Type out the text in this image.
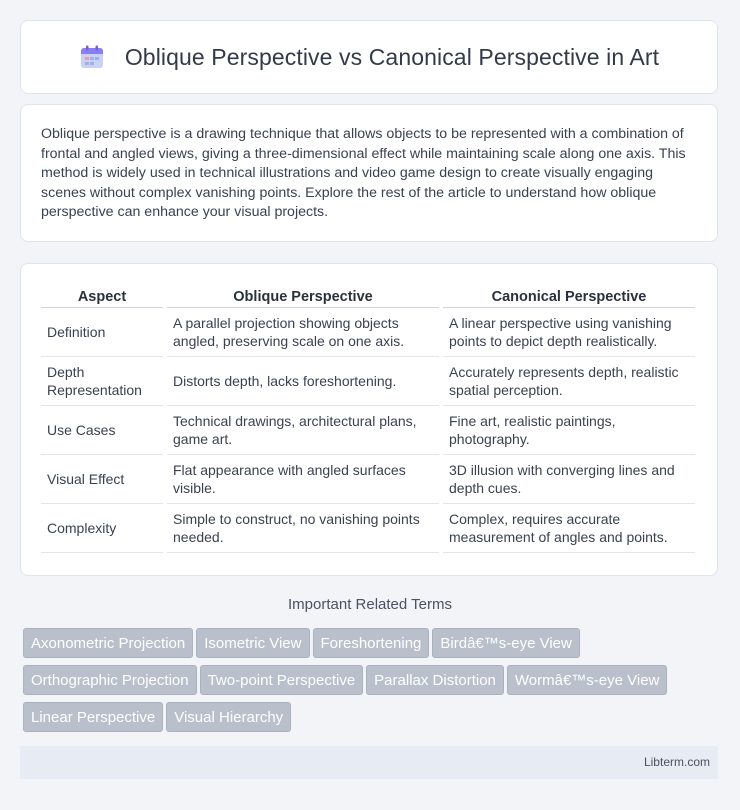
Oblique Perspective vs Canonical Perspective in Art

Oblique perspective is a drawing technique that allows objects to be represented with a combination of frontal and angled views, giving a three-dimensional effect while maintaining scale along one axis. This method is widely used in technical illustrations and video game design to create visually engaging scenes without complex vanishing points. Explore the rest of the article to understand how oblique perspective can enhance your visual projects.

Aspect	Oblique Perspective	Canonical Perspective
Definition	A parallel projection showing objects angled, preserving scale on one axis.	A linear perspective using vanishing points to depict depth realistically.
Depth Representation	Distorts depth, lacks foreshortening.	Accurately represents depth, realistic spatial perception.
Use Cases	Technical drawings, architectural plans, game art.	Fine art, realistic paintings, photography.
Visual Effect	Flat appearance with angled surfaces visible.	3D illusion with converging lines and depth cues.
Complexity	Simple to construct, no vanishing points needed.	Complex, requires accurate measurement of angles and points.
Important Related Terms
Axonometric Projection Isometric View Foreshortening Birdâ€™s-eye View
Orthographic Projection Two-point Perspective Parallax Distortion Wormâ€™s-eye View
Linear Perspective Visual Hierarchy
Libterm.com
